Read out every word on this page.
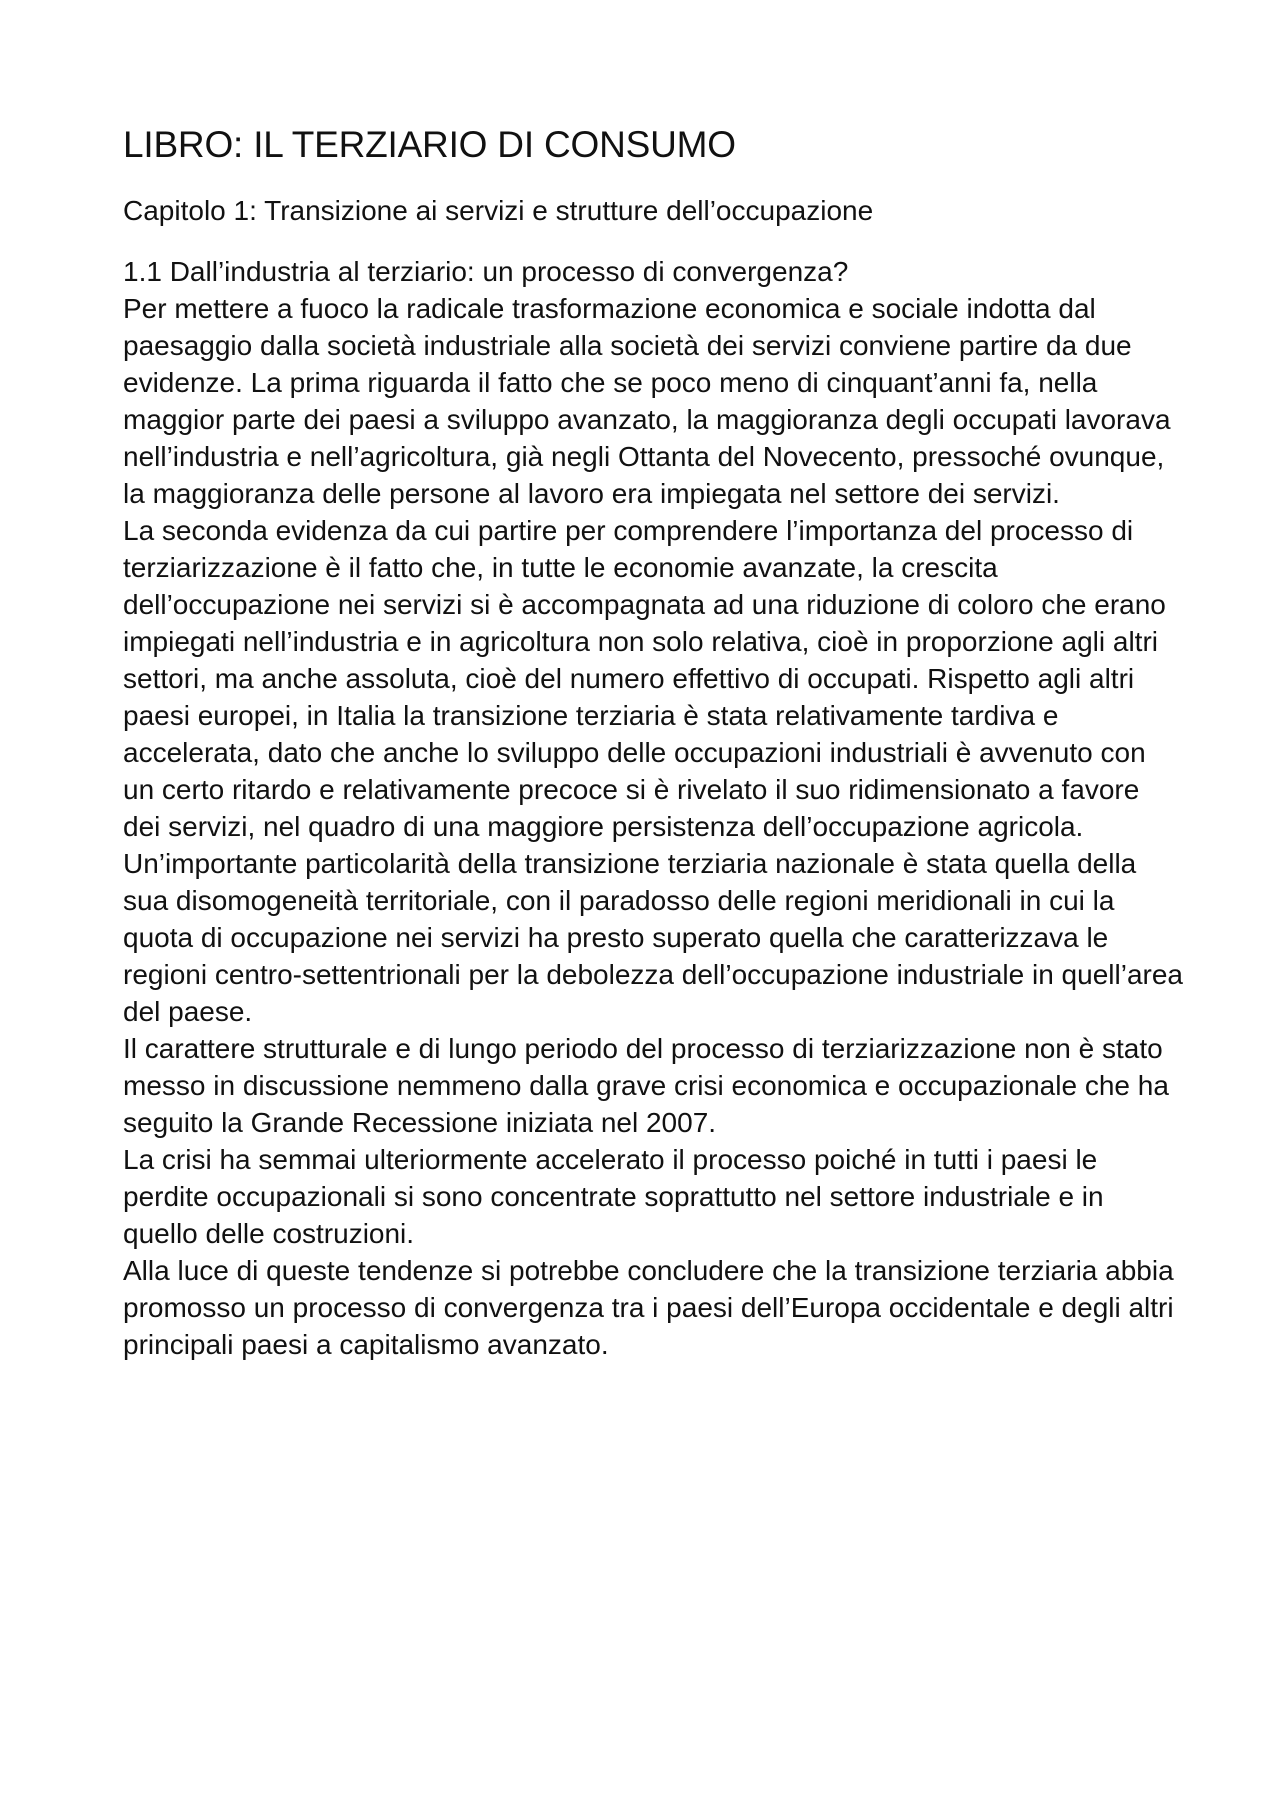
LIBRO: IL TERZIARIO DI CONSUMO
Capitolo 1: Transizione ai servizi e strutture dell’occupazione
1.1 Dall’industria al terziario: un processo di convergenza?

Per mettere a fuoco la radicale trasformazione economica e sociale indotta dal paesaggio dalla società industriale alla società dei servizi conviene partire da due evidenze. La prima riguarda il fatto che se poco meno di cinquant’anni fa, nella maggior parte dei paesi a sviluppo avanzato, la maggioranza degli occupati lavorava nell’industria e nell’agricoltura, già negli Ottanta del Novecento, pressoché ovunque, la maggioranza delle persone al lavoro era impiegata nel settore dei servizi.

La seconda evidenza da cui partire per comprendere l’importanza del processo di terziarizzazione è il fatto che, in tutte le economie avanzate, la crescita dell’occupazione nei servizi si è accompagnata ad una riduzione di coloro che erano impiegati nell’industria e in agricoltura non solo relativa, cioè in proporzione agli altri settori, ma anche assoluta, cioè del numero effettivo di occupati. Rispetto agli altri paesi europei, in Italia la transizione terziaria è stata relativamente tardiva e accelerata, dato che anche lo sviluppo delle occupazioni industriali è avvenuto con un certo ritardo e relativamente precoce si è rivelato il suo ridimensionato a favore dei servizi, nel quadro di una maggiore persistenza dell’occupazione agricola.

Un’importante particolarità della transizione terziaria nazionale è stata quella della sua disomogeneità territoriale, con il paradosso delle regioni meridionali in cui la quota di occupazione nei servizi ha presto superato quella che caratterizzava le regioni centro-settentrionali per la debolezza dell’occupazione industriale in quell’area del paese.

Il carattere strutturale e di lungo periodo del processo di terziarizzazione non è stato messo in discussione nemmeno dalla grave crisi economica e occupazionale che ha seguito la Grande Recessione iniziata nel 2007.

La crisi ha semmai ulteriormente accelerato il processo poiché in tutti i paesi le perdite occupazionali si sono concentrate soprattutto nel settore industriale e in quello delle costruzioni.

Alla luce di queste tendenze si potrebbe concludere che la transizione terziaria abbia promosso un processo di convergenza tra i paesi dell’Europa occidentale e degli altri principali paesi a capitalismo avanzato.
